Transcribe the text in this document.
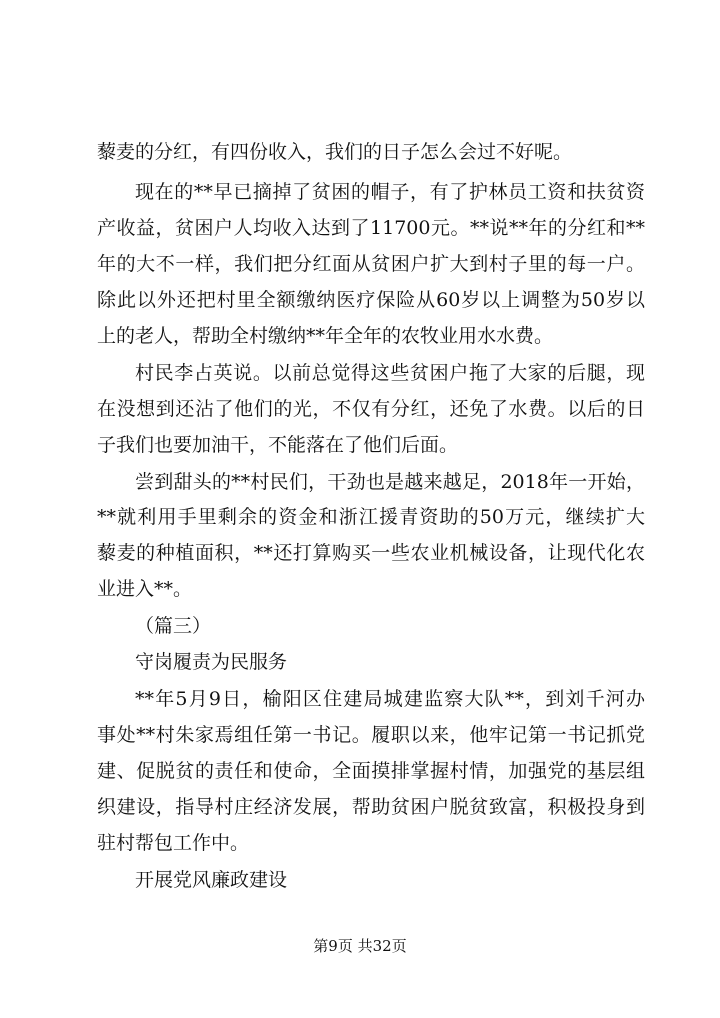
藜麦的分红，有四份收入，我们的日子怎么会过不好呢。
现在的**早已摘掉了贫困的帽子，有了护林员工资和扶贫资
产收益，贫困户人均收入达到了11700元。**说**年的分红和**
年的大不一样，我们把分红面从贫困户扩大到村子里的每一户。
除此以外还把村里全额缴纳医疗保险从60岁以上调整为50岁以
上的老人，帮助全村缴纳**年全年的农牧业用水水费。
村民李占英说。以前总觉得这些贫困户拖了大家的后腿，现
在没想到还沾了他们的光，不仅有分红，还免了水费。以后的日
子我们也要加油干，不能落在了他们后面。
尝到甜头的**村民们，干劲也是越来越足，2018年一开始，
**就利用手里剩余的资金和浙江援青资助的50万元，继续扩大
藜麦的种植面积，**还打算购买一些农业机械设备，让现代化农
业进入**。
（篇三）
守岗履责为民服务
**年5月9日，榆阳区住建局城建监察大队**，到刘千河办
事处**村朱家焉组任第一书记。履职以来，他牢记第一书记抓党
建、促脱贫的责任和使命，全面摸排掌握村情，加强党的基层组
织建设，指导村庄经济发展，帮助贫困户脱贫致富，积极投身到
驻村帮包工作中。
开展党风廉政建设
第9页 共32页
